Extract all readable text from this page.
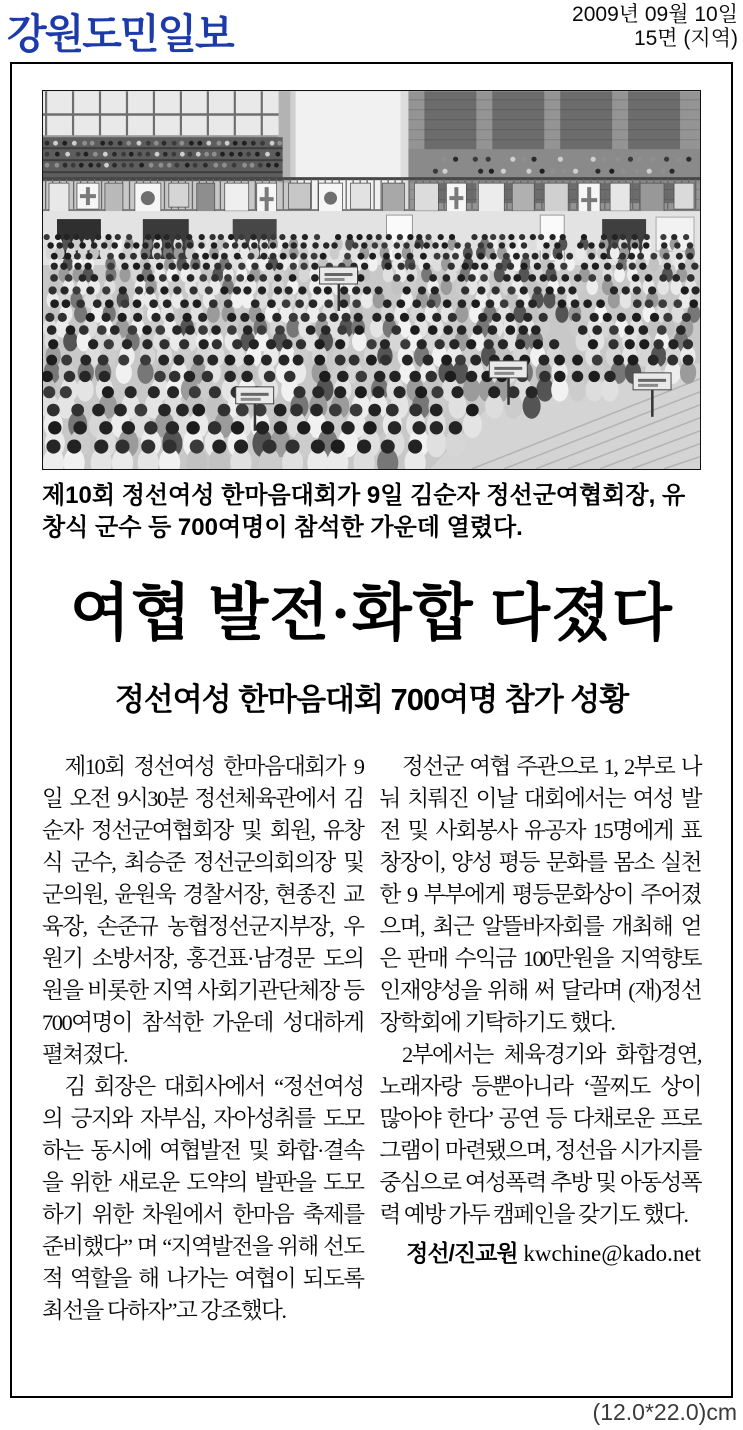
강원도민일보	2009년 09월 10일
15면 (지역)
제10회 정선여성 한마음대회가 9일 김순자 정선군여협회장, 유창식 군수 등 700여명이 참석한 가운데 열렸다.
여협 발전·화합 다졌다
정선여성 한마음대회 700여명 참가 성황

제10회 정선여성 한마음대회가 9일 오전 9시30분 정선체육관에서 김순자 정선군여협회장 및 회원, 유창식 군수, 최승준 정선군의회의장 및 군의원, 윤원욱 경찰서장, 현종진 교육장, 손준규 농협정선군지부장, 우원기 소방서장, 홍건표·남경문 도의원을 비롯한 지역 사회기관단체장 등 700여명이 참석한 가운데 성대하게 펼쳐졌다.

김 회장은 대회사에서 “정선여성의 긍지와 자부심, 자아성취를 도모하는 동시에 여협발전 및 화합·결속을 위한 새로운 도약의 발판을 도모하기 위한 차원에서 한마음 축제를 준비했다” 며 “지역발전을 위해 선도적 역할을 해 나가는 여협이 되도록 최선을 다하자”고 강조했다.

정선군 여협 주관으로 1, 2부로 나눠 치뤄진 이날 대회에서는 여성 발전 및 사회봉사 유공자 15명에게 표창장이, 양성 평등 문화를 몸소 실천한 9 부부에게 평등문화상이 주어졌으며, 최근 알뜰바자회를 개최해 얻은 판매 수익금 100만원을 지역향토 인재양성을 위해 써 달라며 (재)정선장학회에 기탁하기도 했다.

2부에서는 체육경기와 화합경연, 노래자랑 등뿐아니라 ‘꼴찌도 상이 많아야 한다’ 공연 등 다채로운 프로그램이 마련됐으며, 정선읍 시가지를 중심으로 여성폭력 추방 및 아동성폭력 예방 가두 캠페인을 갖기도 했다.

정선/진교원 kwchine@kado.net
(12.0*22.0)cm
